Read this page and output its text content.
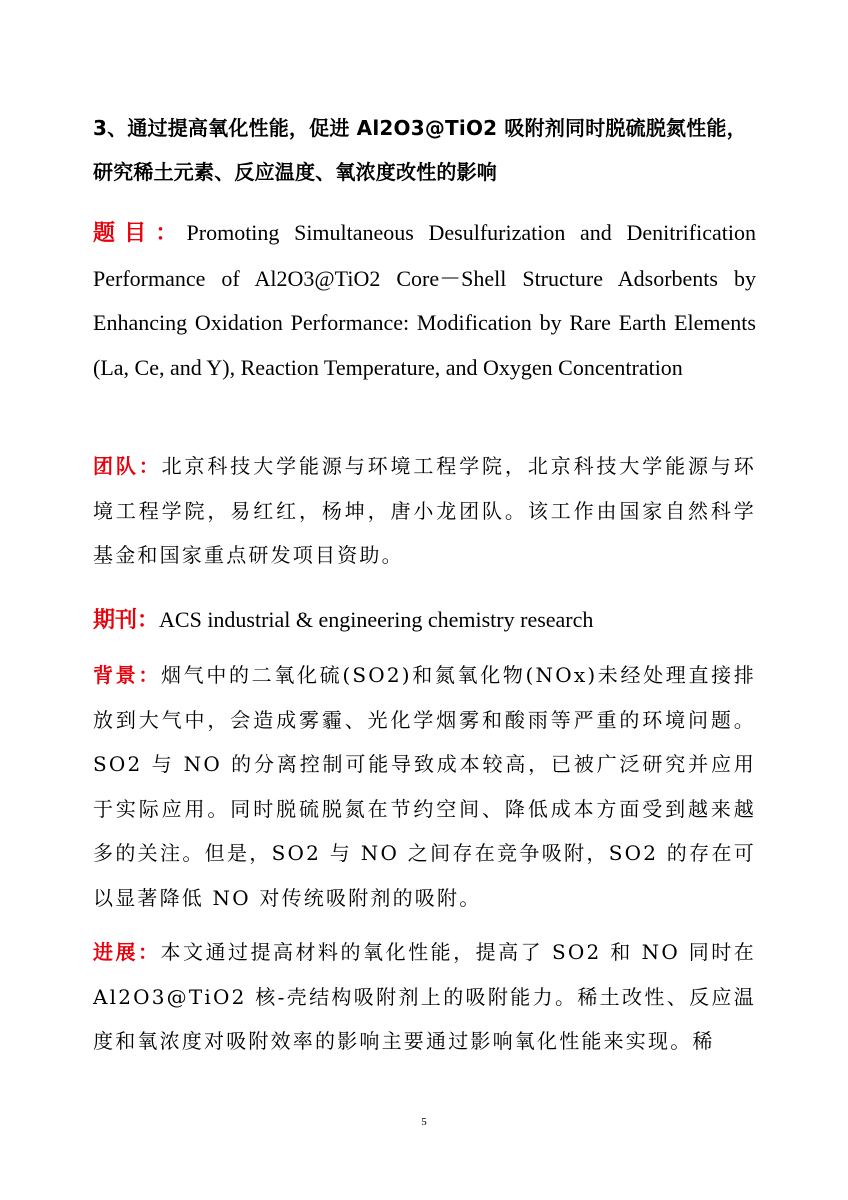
3、通过提高氧化性能，促进 Al2O3@TiO2 吸附剂同时脱硫脱氮性能，
研究稀土元素、反应温度、氧浓度改性的影响
题目：Promoting Simultaneous Desulfurization and Denitrification Performance of Al2O3@TiO2 Core－Shell Structure Adsorbents by Enhancing Oxidation Performance: Modification by Rare Earth Elements (La, Ce, and Y), Reaction Temperature, and Oxygen Concentration
团队：北京科技大学能源与环境工程学院，北京科技大学能源与环境工程学院，易红红，杨坤，唐小龙团队。该工作由国家自然科学基金和国家重点研发项目资助。
期刊：ACS industrial & engineering chemistry research
背景：烟气中的二氧化硫(SO2)和氮氧化物(NOx)未经处理直接排放到大气中，会造成雾霾、光化学烟雾和酸雨等严重的环境问题。SO2 与 NO 的分离控制可能导致成本较高，已被广泛研究并应用于实际应用。同时脱硫脱氮在节约空间、降低成本方面受到越来越多的关注。但是，SO2 与 NO 之间存在竞争吸附，SO2 的存在可以显著降低 NO 对传统吸附剂的吸附。
进展：本文通过提高材料的氧化性能，提高了 SO2 和 NO 同时在 Al2O3@TiO2 核-壳结构吸附剂上的吸附能力。稀土改性、反应温度和氧浓度对吸附效率的影响主要通过影响氧化性能来实现。稀
5
